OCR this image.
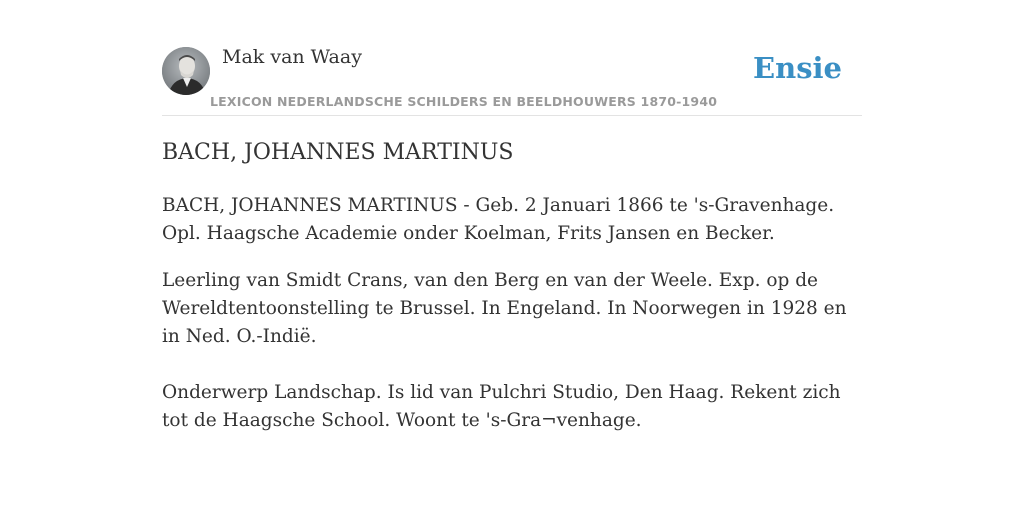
Mak van Waay
LEXICON NEDERLANDSCHE SCHILDERS EN BEELDHOUWERS 1870-1940
Ensie
BACH, JOHANNES MARTINUS

BACH, JOHANNES MARTINUS - Geb. 2 Januari 1866 te 's-Gravenhage. Opl. Haagsche Academie onder Koelman, Frits Jansen en Becker.

Leerling van Smidt Crans, van den Berg en van der Weele. Exp. op de Wereldtentoonstelling te Brussel. In Engeland. In Noorwegen in 1928 en in Ned. O.-Indië.

Onderwerp Landschap. Is lid van Pulchri Studio, Den Haag. Rekent zich tot de Haagsche School. Woont te 's-Gra¬venhage.
